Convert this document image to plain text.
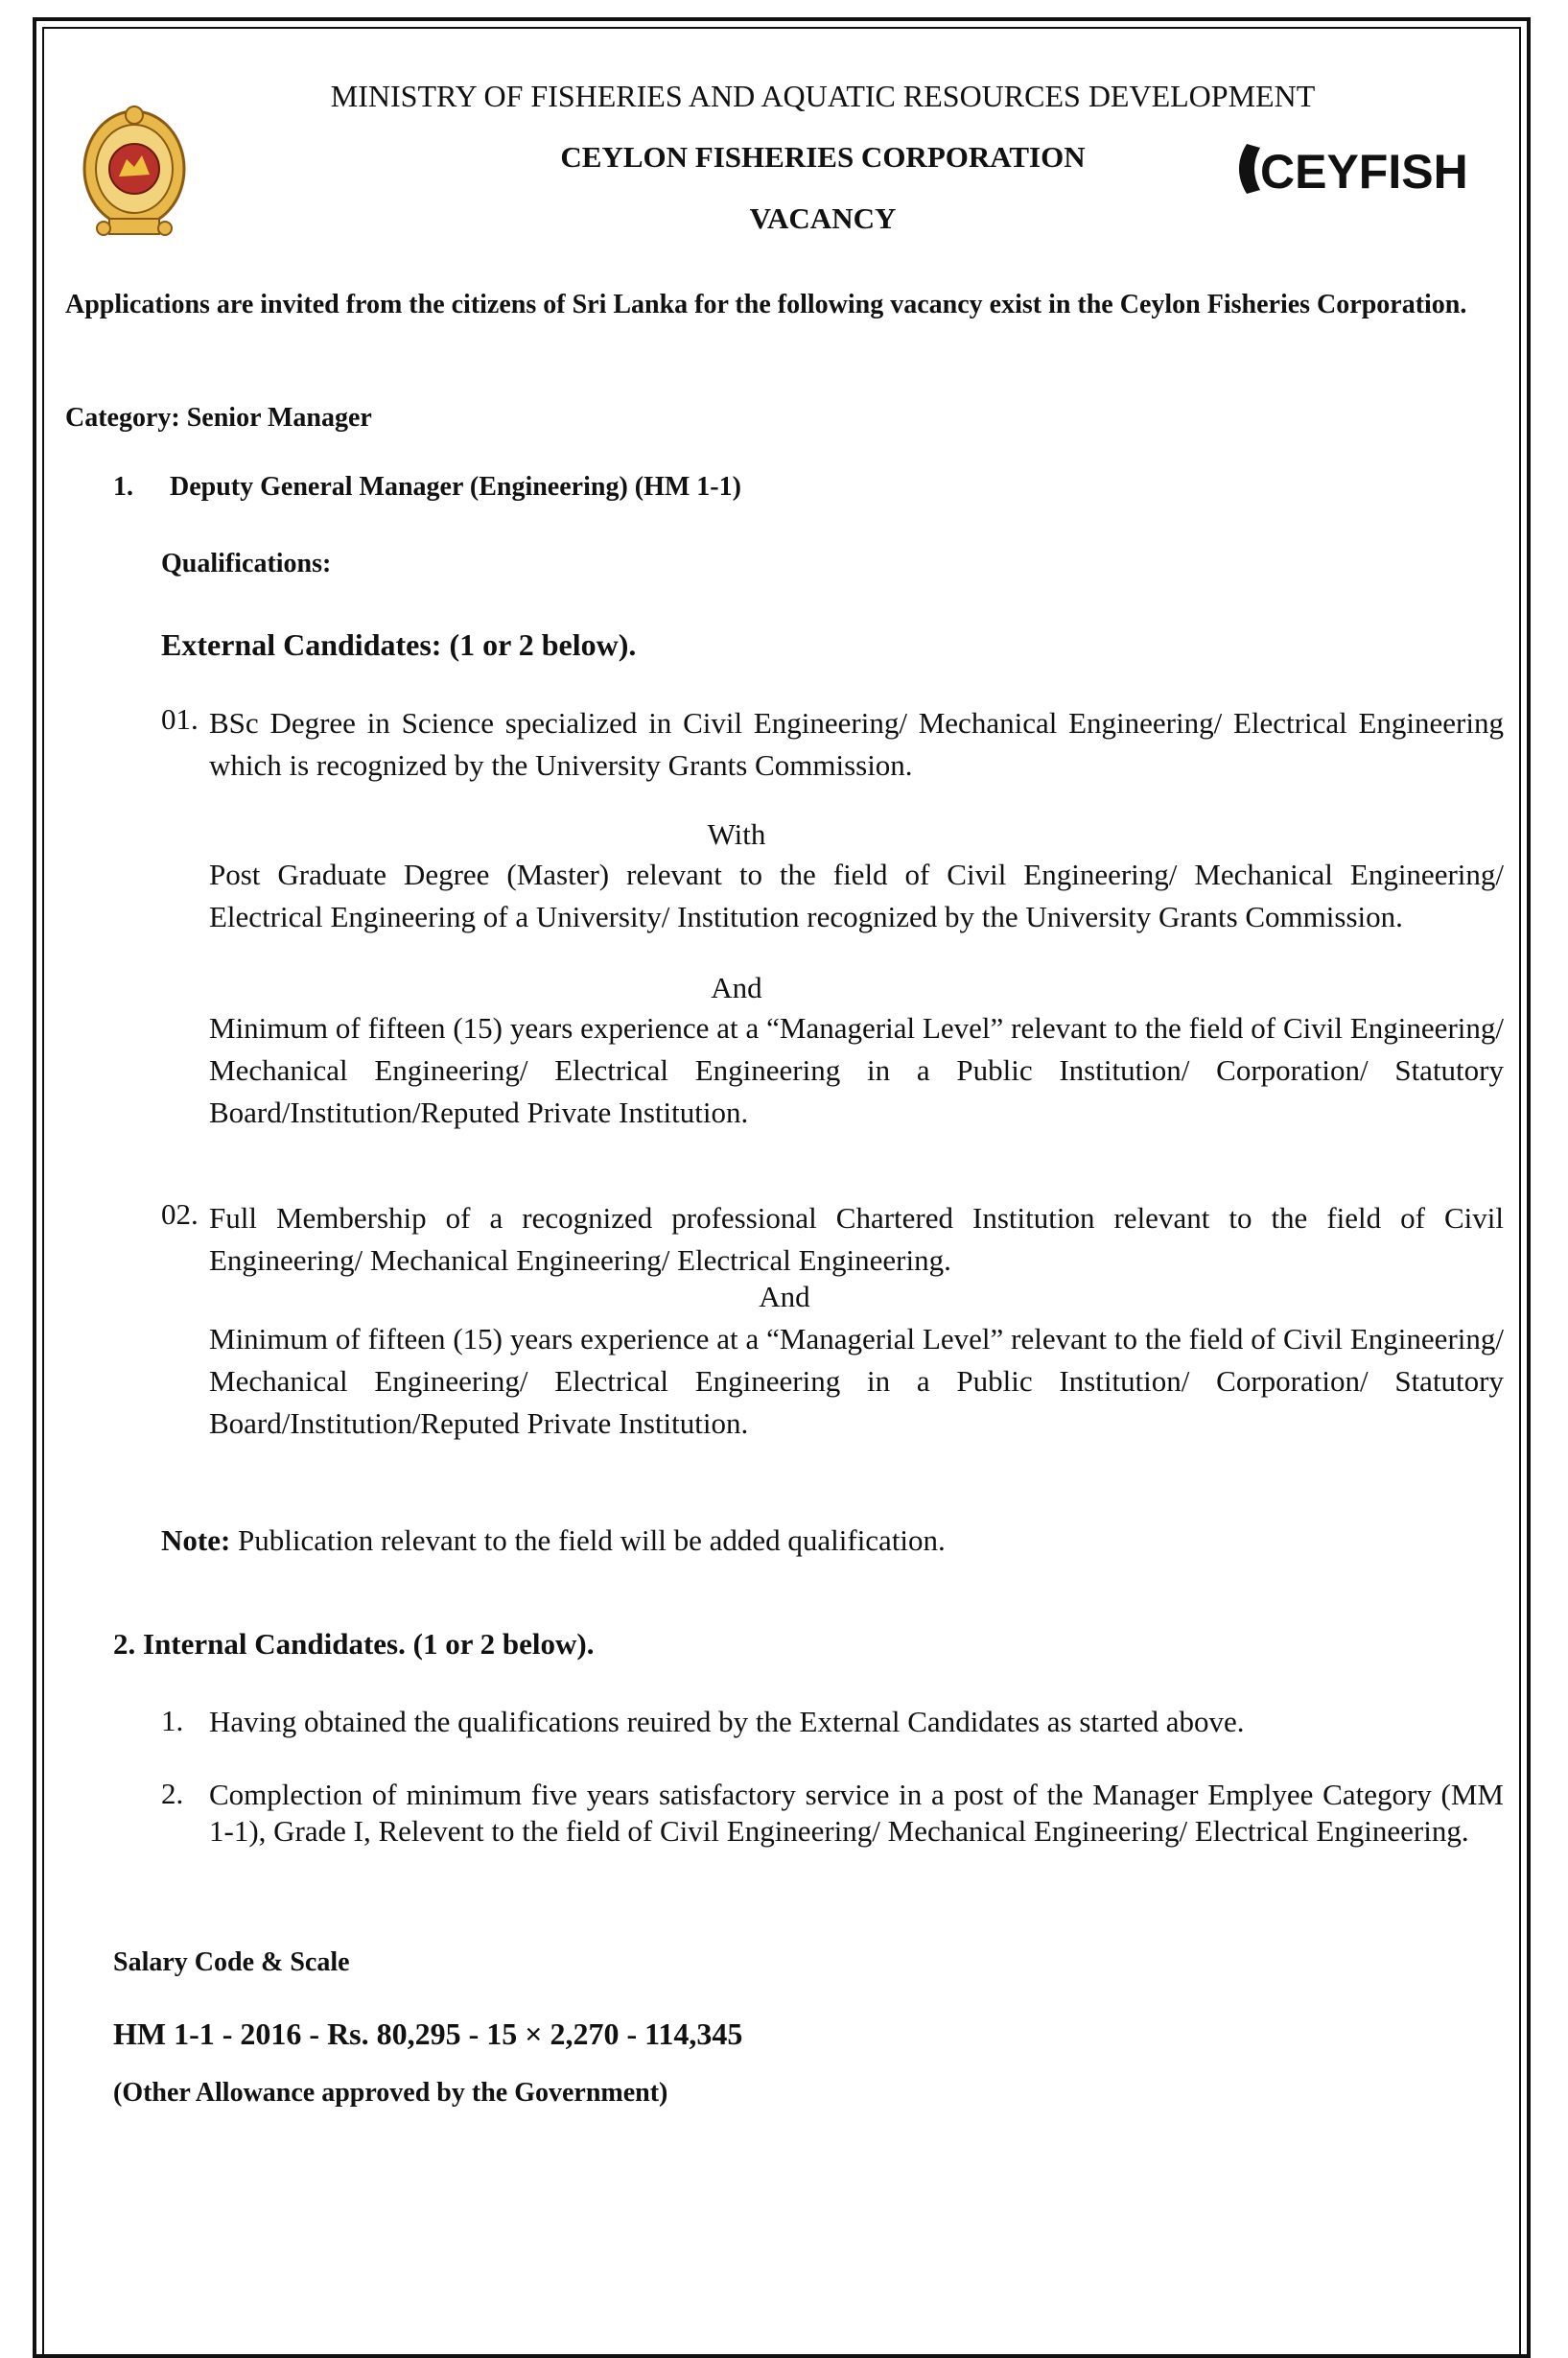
CEYFISH
MINISTRY OF FISHERIES AND AQUATIC RESOURCES DEVELOPMENT
CEYLON FISHERIES CORPORATION
VACANCY
Applications are invited from the citizens of Sri Lanka for the following vacancy exist in the Ceylon Fisheries Corporation.
Category: Senior Manager
1. Deputy General Manager (Engineering) (HM 1-1)
Qualifications:
External Candidates: (1 or 2 below).
01. BSc Degree in Science specialized in Civil Engineering/ Mechanical Engineering/ Electrical Engineering which is recognized by the University Grants Commission.
With
Post Graduate Degree (Master) relevant to the field of Civil Engineering/ Mechanical Engineering/ Electrical Engineering of a University/ Institution recognized by the University Grants Commission.
And
Minimum of fifteen (15) years experience at a “Managerial Level” relevant to the field of Civil Engineering/ Mechanical Engineering/ Electrical Engineering in a Public Institution/ Corporation/ Statutory Board/Institution/Reputed Private Institution.
02. Full Membership of a recognized professional Chartered Institution relevant to the field of Civil Engineering/ Mechanical Engineering/ Electrical Engineering.
And
Minimum of fifteen (15) years experience at a “Managerial Level” relevant to the field of Civil Engineering/ Mechanical Engineering/ Electrical Engineering in a Public Institution/ Corporation/ Statutory Board/Institution/Reputed Private Institution.
Note: Publication relevant to the field will be added qualification.
2. Internal Candidates. (1 or 2 below).
1. Having obtained the qualifications reuired by the External Candidates as started above.
2. Complection of minimum five years satisfactory service in a post of the Manager Emplyee Category (MM 1-1), Grade I, Relevent to the field of Civil Engineering/ Mechanical Engineering/ Electrical Engineering.
Salary Code & Scale
HM 1-1 - 2016 - Rs. 80,295 - 15 × 2,270 - 114,345
(Other Allowance approved by the Government)
